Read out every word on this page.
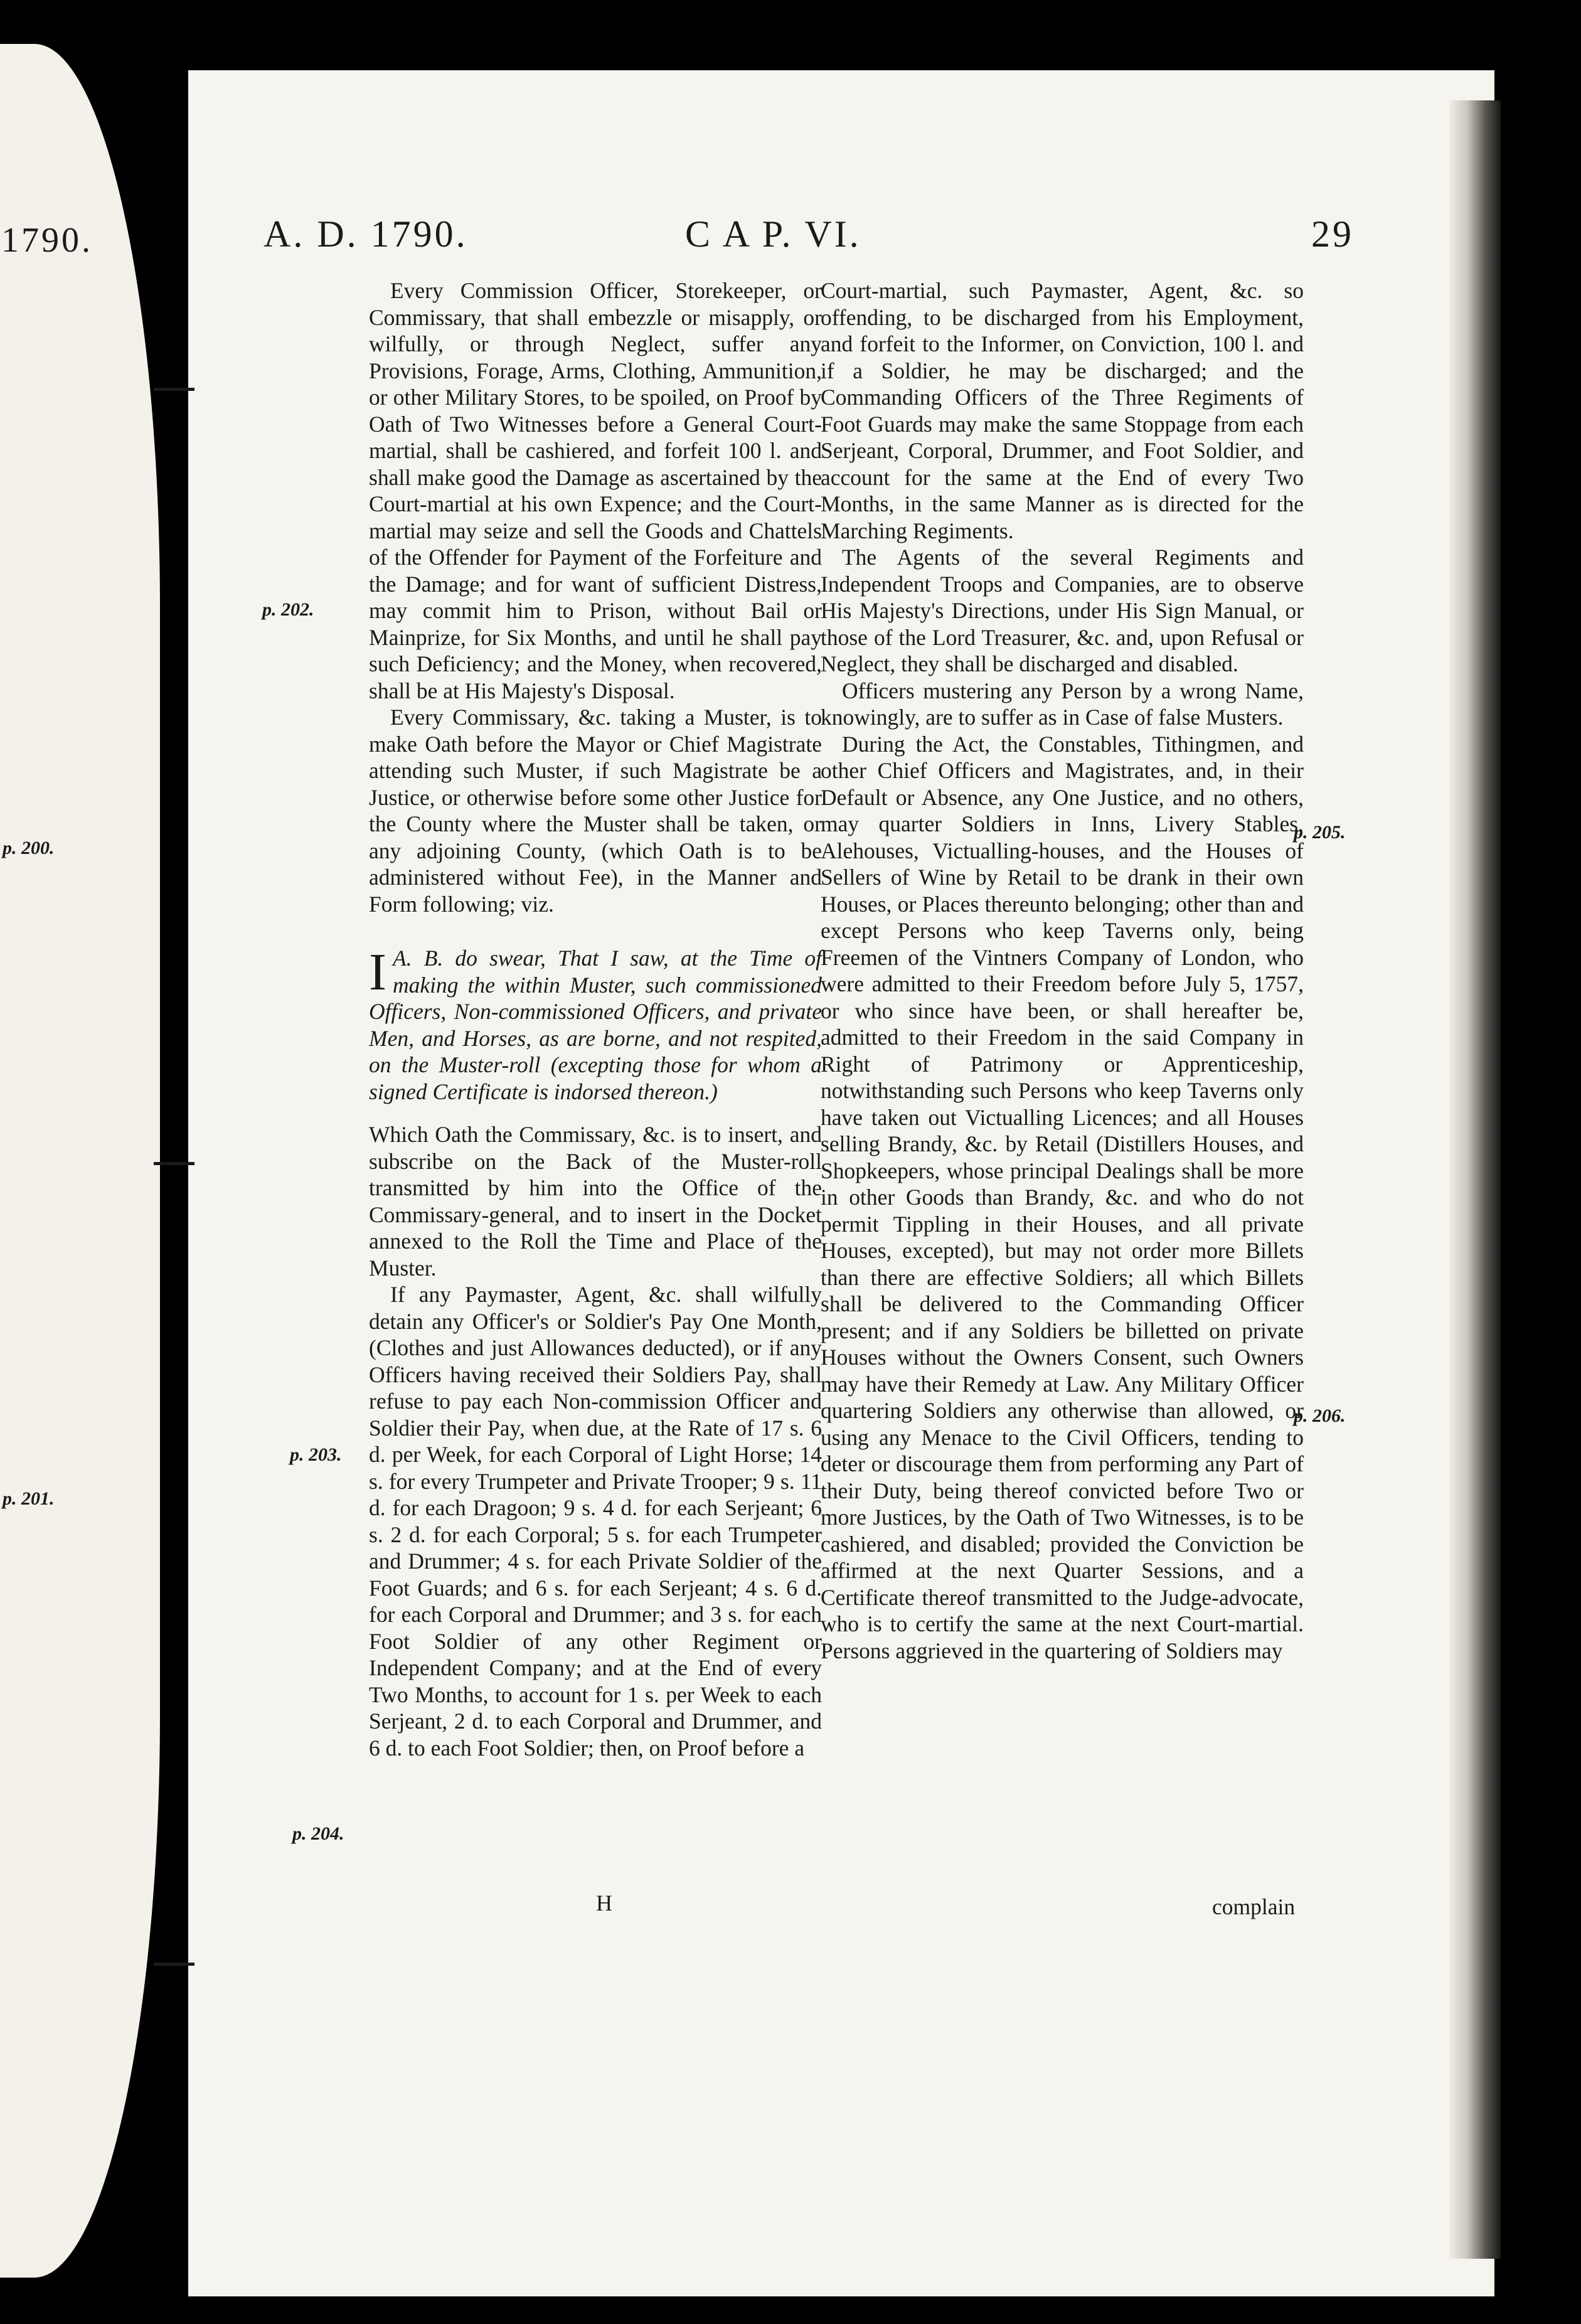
1790.	A. D. 1790.	C A P. VI.	29
p. 200.
p. 201.
p. 202.
p. 203.
p. 204.
p. 205.
p. 206.

Every Commission Officer, Storekeeper, or Commissary, that shall embezzle or misapply, or wilfully, or through Neglect, suffer any Provisions, Forage, Arms, Clothing, Ammunition, or other Military Stores, to be spoiled, on Proof by Oath of Two Witnesses before a General Court-martial, shall be cashiered, and forfeit 100 l. and shall make good the Damage as ascertained by the Court-martial at his own Expence; and the Court-martial may seize and sell the Goods and Chattels of the Offender for Payment of the Forfeiture and the Damage; and for want of sufficient Distress, may commit him to Prison, without Bail or Mainprize, for Six Months, and until he shall pay such Deficiency; and the Money, when recovered, shall be at His Majesty's Disposal.

Every Commissary, &c. taking a Muster, is to make Oath before the Mayor or Chief Magistrate attending such Muster, if such Magistrate be a Justice, or otherwise before some other Justice for the County where the Muster shall be taken, or any adjoining County, (which Oath is to be administered without Fee), in the Manner and Form following; viz.

I A. B. do swear, That I saw, at the Time of making the within Muster, such commissioned Officers, Non-commissioned Officers, and private Men, and Horses, as are borne, and not respited, on the Muster-roll (excepting those for whom a signed Certificate is indorsed thereon.)

Which Oath the Commissary, &c. is to insert, and subscribe on the Back of the Muster-roll transmitted by him into the Office of the Commissary-general, and to insert in the Docket annexed to the Roll the Time and Place of the Muster.

If any Paymaster, Agent, &c. shall wilfully detain any Officer's or Soldier's Pay One Month, (Clothes and just Allowances deducted), or if any Officers having received their Soldiers Pay, shall refuse to pay each Non-commission Officer and Soldier their Pay, when due, at the Rate of 17 s. 6 d. per Week, for each Corporal of Light Horse; 14 s. for every Trumpeter and Private Trooper; 9 s. 11 d. for each Dragoon; 9 s. 4 d. for each Serjeant; 6 s. 2 d. for each Corporal; 5 s. for each Trumpeter and Drummer; 4 s. for each Private Soldier of the Foot Guards; and 6 s. for each Serjeant; 4 s. 6 d. for each Corporal and Drummer; and 3 s. for each Foot Soldier of any other Regiment or Independent Company; and at the End of every Two Months, to account for 1 s. per Week to each Serjeant, 2 d. to each Corporal and Drummer, and 6 d. to each Foot Soldier; then, on Proof before a

Court-martial, such Paymaster, Agent, &c. so offending, to be discharged from his Employment, and forfeit to the Informer, on Conviction, 100 l. and if a Soldier, he may be discharged; and the Commanding Officers of the Three Regiments of Foot Guards may make the same Stoppage from each Serjeant, Corporal, Drummer, and Foot Soldier, and account for the same at the End of every Two Months, in the same Manner as is directed for the Marching Regiments.

The Agents of the several Regiments and Independent Troops and Companies, are to observe His Majesty's Directions, under His Sign Manual, or those of the Lord Treasurer, &c. and, upon Refusal or Neglect, they shall be discharged and disabled.

Officers mustering any Person by a wrong Name, knowingly, are to suffer as in Case of false Musters.

During the Act, the Constables, Tithingmen, and other Chief Officers and Magistrates, and, in their Default or Absence, any One Justice, and no others, may quarter Soldiers in Inns, Livery Stables, Alehouses, Victualling-houses, and the Houses of Sellers of Wine by Retail to be drank in their own Houses, or Places thereunto belonging; other than and except Persons who keep Taverns only, being Freemen of the Vintners Company of London, who were admitted to their Freedom before July 5, 1757, or who since have been, or shall hereafter be, admitted to their Freedom in the said Company in Right of Patrimony or Apprenticeship, notwithstanding such Persons who keep Taverns only have taken out Victualling Licences; and all Houses selling Brandy, &c. by Retail (Distillers Houses, and Shopkeepers, whose principal Dealings shall be more in other Goods than Brandy, &c. and who do not permit Tippling in their Houses, and all private Houses, excepted), but may not order more Billets than there are effective Soldiers; all which Billets shall be delivered to the Commanding Officer present; and if any Soldiers be billetted on private Houses without the Owners Consent, such Owners may have their Remedy at Law. Any Military Officer quartering Soldiers any otherwise than allowed, or using any Menace to the Civil Officers, tending to deter or discourage them from performing any Part of their Duty, being thereof convicted before Two or more Justices, by the Oath of Two Witnesses, is to be cashiered, and disabled; provided the Conviction be affirmed at the next Quarter Sessions, and a Certificate thereof transmitted to the Judge-advocate, who is to certify the same at the next Court-martial. Persons aggrieved in the quartering of Soldiers may

H	complain
